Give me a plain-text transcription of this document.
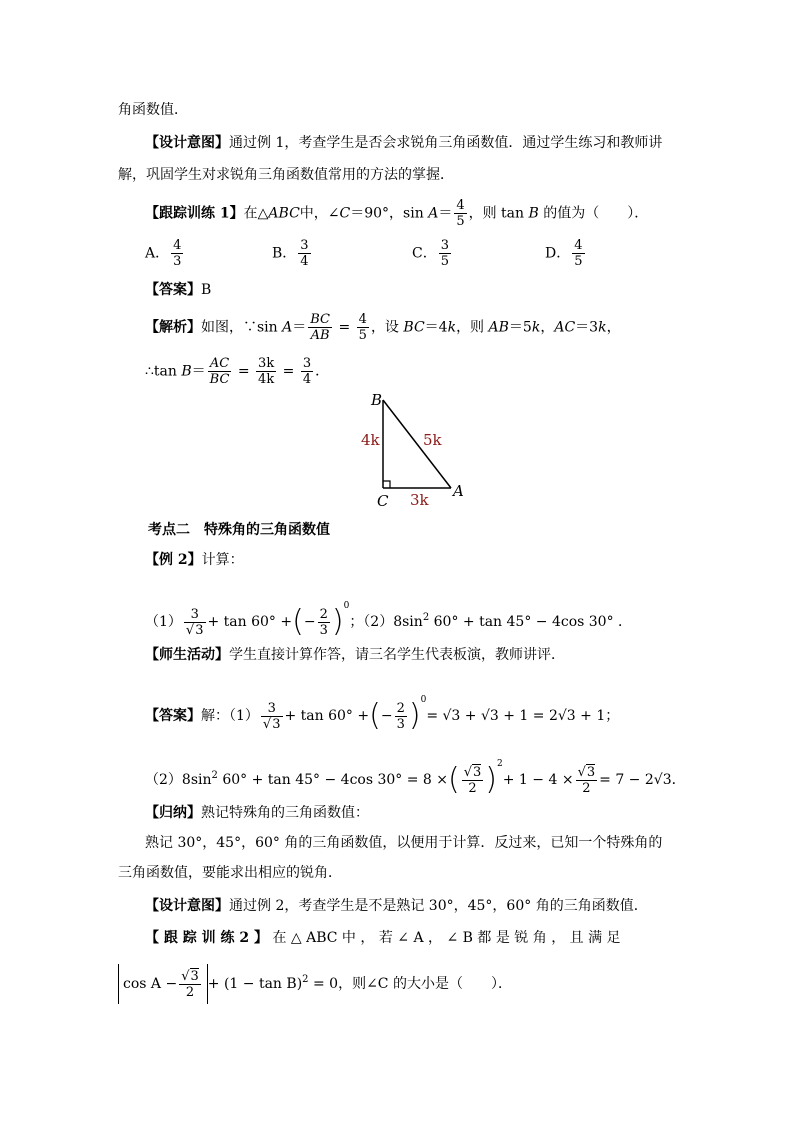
角函数值．
【设计意图】通过例 1，考查学生是否会求锐角三角函数值．通过学生练习和教师讲
解，巩固学生对求锐角三角函数值常用的方法的掌握．
【跟踪训练 1】在△ABC中，∠C＝90°，$\sin A= \frac{4}{5}$ ，则 tan B 的值为（　　）．
A． $\frac{4}{3}$	B． $\frac{3}{4}$	C． $\frac{3}{5}$	D． $\frac{4}{5}$
【答案】B
【解析】如图，∵sin $A= \frac{BC}{AB} = \frac{4}{5}$ ，设 BC＝4k，则 AB＝5k，AC＝3k，
∴tan $B= \frac{AC}{BC} = \frac{3k}{4k} = \frac{3}{4}$ ．
B
C
A
4k	5k
3k
考点二　特殊角的三角函数值
【例 2】计算：
$(1) \frac{3}{√3} + \tan 60^\circ$ +(− $\frac{2}{3} )^0$；$(2)8\sin^2$ 60° + tan 45° − 4cos 30° ．
【师生活动】学生直接计算作答，请三名学生代表板演，教师讲评．
【答案】解：$(1) \frac{3}{√3} + \tan 60^\circ$ +(− $\frac{2}{3} )^0= √3 + √3 + 1 = 2√3 + 1$；
$(2)8\sin^2$ 60° + tan 45° − 4cos 30° = 8 ×( $\frac{√3}{2} )^2+ 1 - 4 \times \frac{√3}{2} = 7 - 2√3$．
【归纳】熟记特殊角的三角函数值：
熟记 30°，45°，60° 角的三角函数值，以便用于计算．反过来，已知一个特殊角的
三角函数值，要能求出相应的锐角．
【设计意图】通过例 2，考查学生是不是熟记 30°，45°，60° 角的三角函数值．
【 跟 踪 训 练 2 】 在 △ ABC 中 ， 若 ∠ A ， ∠ B 都 是 锐 角 ， 且 满 足
$\cos A - \frac{√3}{2} + (1 - \tan B)^2 = 0$，则∠C 的大小是（　　）．
